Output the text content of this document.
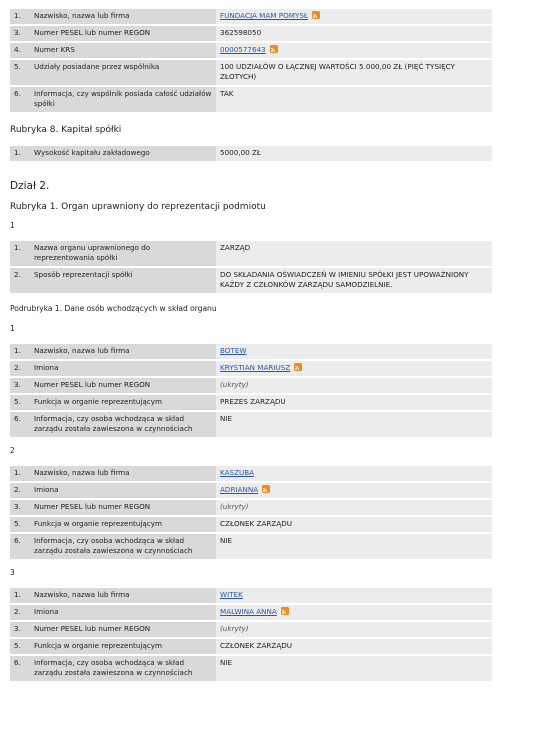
1.	Nazwisko, nazwa lub firma	FUNDACJA MAM POMYSŁ
3.	Numer PESEL lub numer REGON	362598050
4.	Numer KRS	0000577643
5.	Udziały posiadane przez wspólnika	100 UDZIAŁÓW O ŁĄCZNEJ WARTOŚCI 5.000,00 ZŁ (PIĘĆ TYSIĘCY ZŁOTYCH)
6.	Informacja, czy wspólnik posiada całość udziałów spółki	TAK
Rubryka 8. Kapitał spółki
1.	Wysokość kapitału zakładowego	5000,00 ZŁ
Dział 2.
Rubryka 1. Organ uprawniony do reprezentacji podmiotu
1
1.	Nazwa organu uprawnionego do reprezentowania spółki	ZARZĄD
2.	Sposób reprezentacji spółki	DO SKŁADANIA OŚWIADCZEŃ W IMIENIU SPÓŁKI JEST UPOWAŻNIONY KAŻDY Z CZŁONKÓW ZARZĄDU SAMODZIELNIE.
Podrubryka 1. Dane osób wchodzących w skład organu
1
1.	Nazwisko, nazwa lub firma	BOTEW
2.	Imiona	KRYSTIAN MARIUSZ
3.	Numer PESEL lub numer REGON	(ukryty)
5.	Funkcja w organie reprezentującym	PREZES ZARZĄDU
6.	Informacja, czy osoba wchodząca w skład zarządu została zawieszona w czynnościach	NIE
2
1.	Nazwisko, nazwa lub firma	KASZUBA
2.	Imiona	ADRIANNA
3.	Numer PESEL lub numer REGON	(ukryty)
5.	Funkcja w organie reprezentującym	CZŁONEK ZARZĄDU
6.	Informacja, czy osoba wchodząca w skład zarządu została zawieszona w czynnościach	NIE
3
1.	Nazwisko, nazwa lub firma	WITEK
2.	Imiona	MALWINA ANNA
3.	Numer PESEL lub numer REGON	(ukryty)
5.	Funkcja w organie reprezentującym	CZŁONEK ZARZĄDU
6.	Informacja, czy osoba wchodząca w skład zarządu została zawieszona w czynnościach	NIE
